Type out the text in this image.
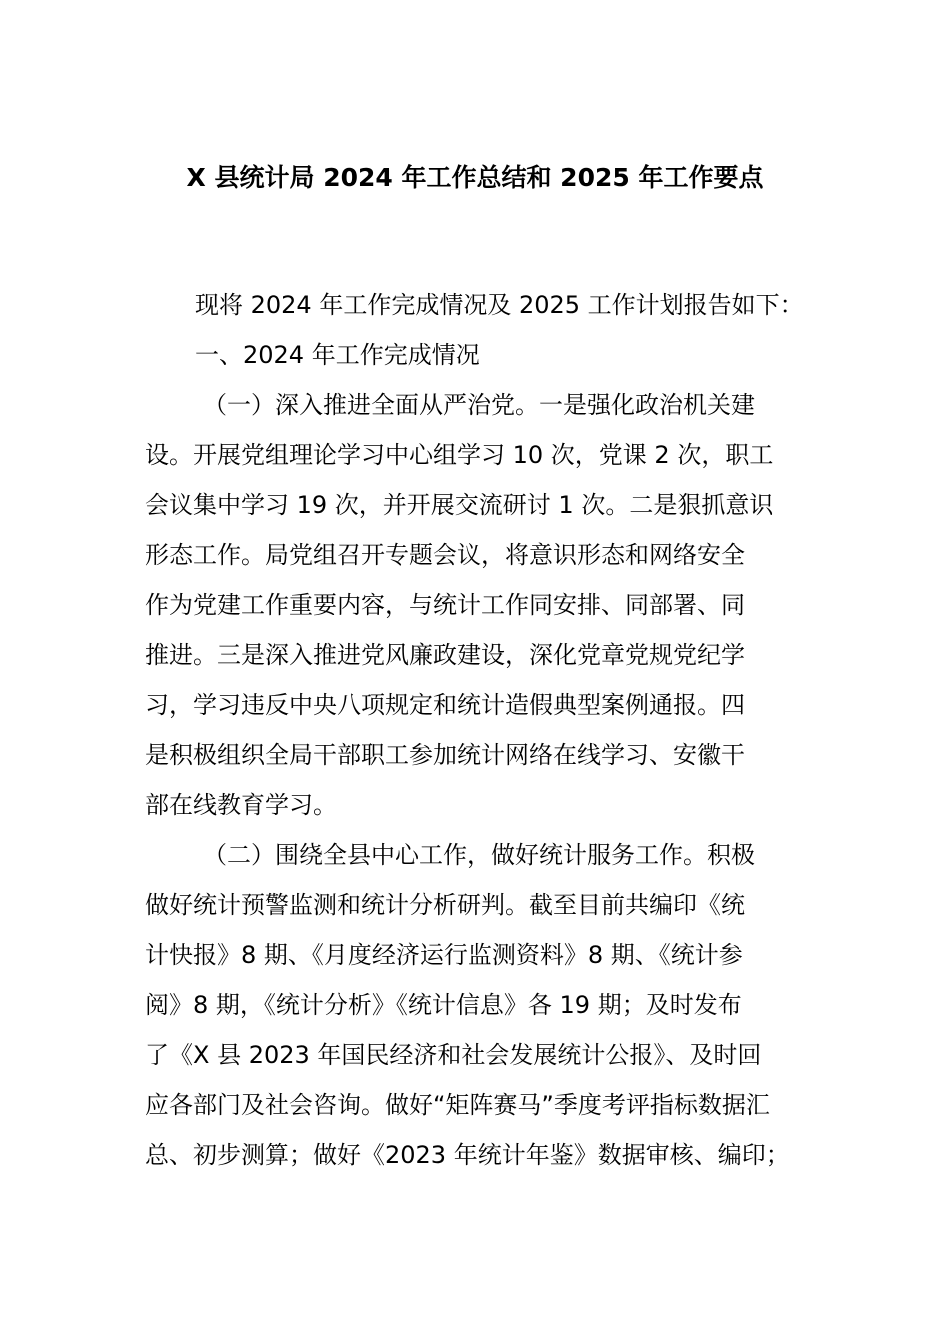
X 县统计局 2024 年工作总结和 2025 年工作要点
现将 2024 年工作完成情况及 2025 工作计划报告如下：
一、2024 年工作完成情况
（一）深入推进全面从严治党。一是强化政治机关建
设。开展党组理论学习中心组学习 10 次，党课 2 次，职工
会议集中学习 19 次，并开展交流研讨 1 次。二是狠抓意识
形态工作。局党组召开专题会议，将意识形态和网络安全
作为党建工作重要内容，与统计工作同安排、同部署、同
推进。三是深入推进党风廉政建设，深化党章党规党纪学
习，学习违反中央八项规定和统计造假典型案例通报。四
是积极组织全局干部职工参加统计网络在线学习、安徽干
部在线教育学习。
（二）围绕全县中心工作，做好统计服务工作。积极
做好统计预警监测和统计分析研判。截至目前共编印《统
计快报》8 期、《月度经济运行监测资料》8 期、《统计参
阅》8 期，《统计分析》《统计信息》各 19 期；及时发布
了《X 县 2023 年国民经济和社会发展统计公报》、及时回
应各部门及社会咨询。做好“矩阵赛马”季度考评指标数据汇
总、初步测算；做好《2023 年统计年鉴》数据审核、编印；
